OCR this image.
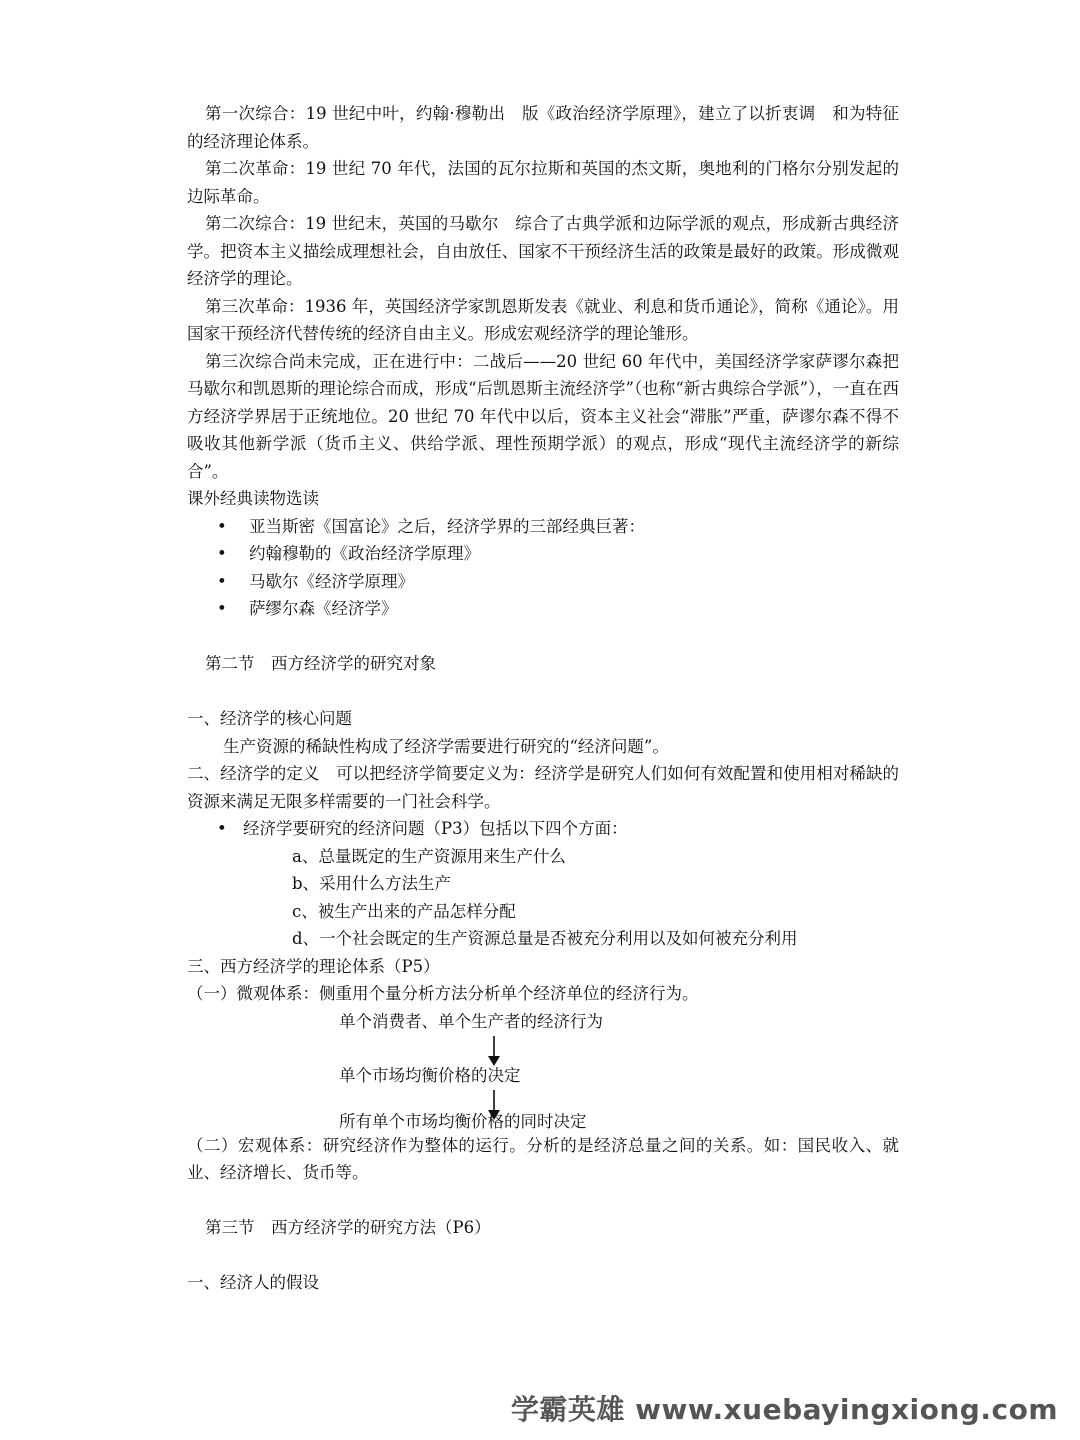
第一次综合：19 世纪中叶，约翰·穆勒出　版《政治经济学原理》，建立了以折衷调　和为特征的经济理论体系。

第二次革命：19 世纪 70 年代，法国的瓦尔拉斯和英国的杰文斯，奥地利的门格尔分别发起的边际革命。

第二次综合：19 世纪末，英国的马歇尔　综合了古典学派和边际学派的观点，形成新古典经济学。把资本主义描绘成理想社会，自由放任、国家不干预经济生活的政策是最好的政策。形成微观经济学的理论。

第三次革命：1936 年，英国经济学家凯恩斯发表《就业、利息和货币通论》，简称《通论》。用国家干预经济代替传统的经济自由主义。形成宏观经济学的理论雏形。

第三次综合尚未完成，正在进行中：二战后——20 世纪 60 年代中，美国经济学家萨谬尔森把马歇尔和凯恩斯的理论综合而成，形成“后凯恩斯主流经济学”（也称“新古典综合学派”），一直在西方经济学界居于正统地位。20 世纪 70 年代中以后，资本主义社会“滞胀”严重，萨谬尔森不得不吸收其他新学派（货币主义、供给学派、理性预期学派）的观点，形成“现代主流经济学的新综合”。

课外经典读物选读

• 亚当斯密《国富论》之后，经济学界的三部经典巨著：
• 约翰穆勒的《政治经济学原理》
• 马歇尔《经济学原理》
• 萨缪尔森《经济学》

第二节　西方经济学的研究对象

一、经济学的核心问题

生产资源的稀缺性构成了经济学需要进行研究的“经济问题”。

二、经济学的定义　可以把经济学简要定义为：经济学是研究人们如何有效配置和使用相对稀缺的资源来满足无限多样需要的一门社会科学。

• 经济学要研究的经济问题（P3）包括以下四个方面：
a、总量既定的生产资源用来生产什么
b、采用什么方法生产
c、被生产出来的产品怎样分配
d、一个社会既定的生产资源总量是否被充分利用以及如何被充分利用

三、西方经济学的理论体系（P5）

（一）微观体系：侧重用个量分析方法分析单个经济单位的经济行为。

单个消费者、单个生产者的经济行为
单个市场均衡价格的决定
所有单个市场均衡价格的同时决定

（二）宏观体系：研究经济作为整体的运行。分析的是经济总量之间的关系。如：国民收入、就业、经济增长、货币等。

第三节　西方经济学的研究方法（P6）

一、经济人的假设

学霸英雄 www.xuebayingxiong.com
